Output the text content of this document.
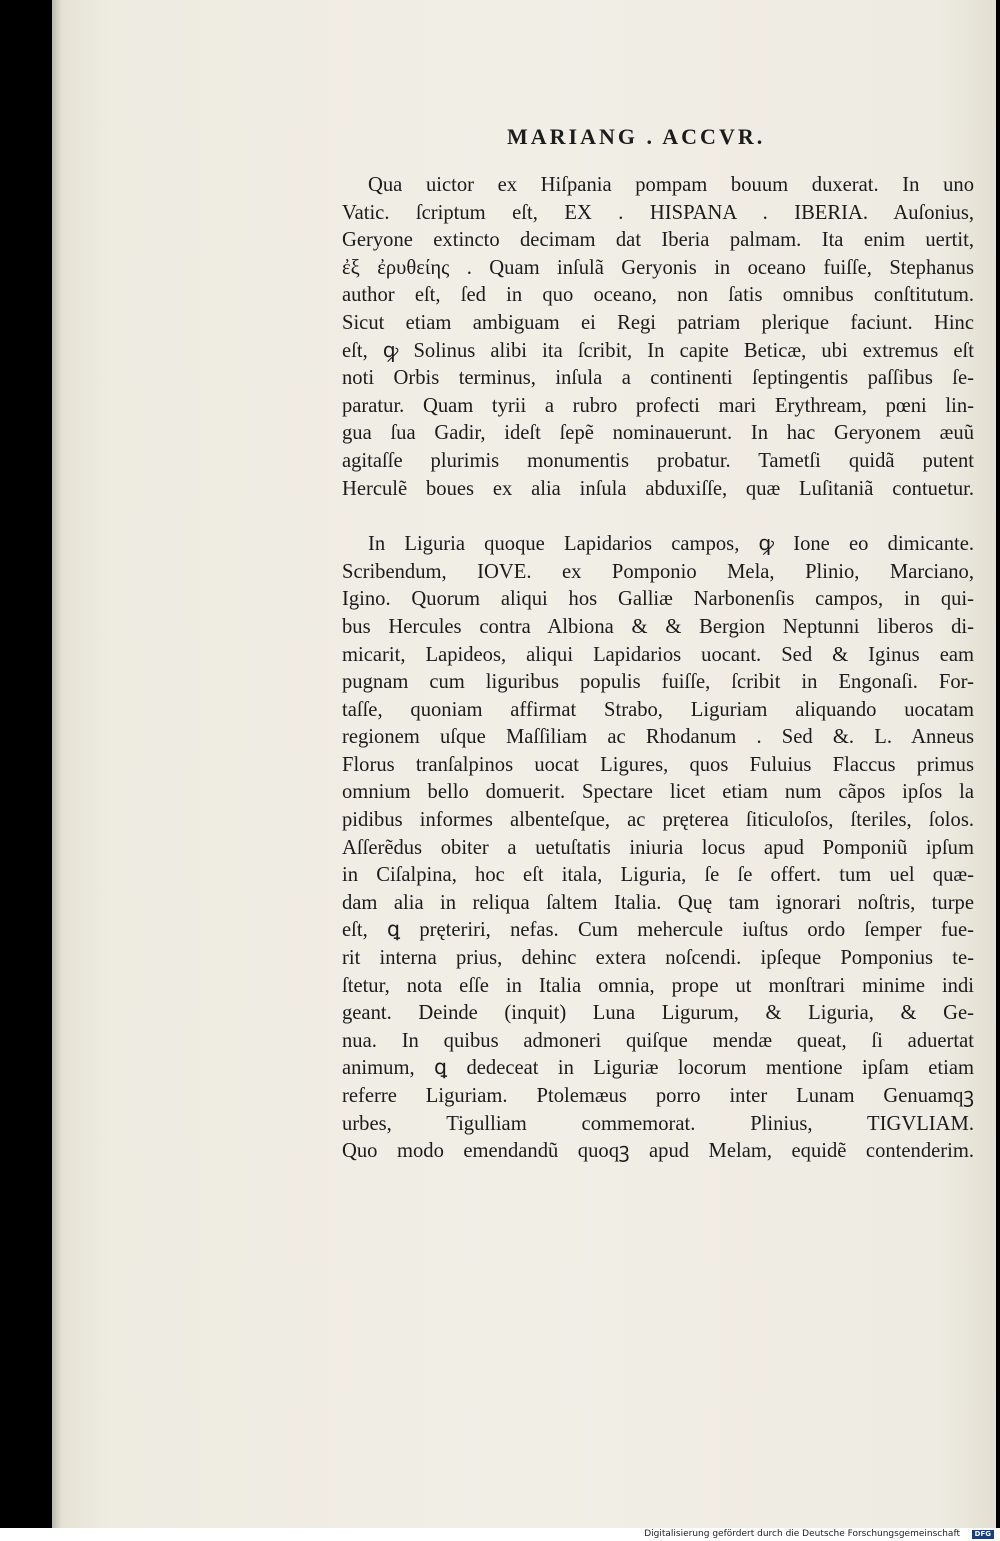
MARIANG . ACCVR.
Qua uictor ex Hiſpania pompam bouum duxerat. In uno
Vatic. ſcriptum eſt, EX . HISPANA . IBERIA. Auſonius,
Geryone extincto decimam dat Iberia palmam. Ita enim uertit,
ἐξ ἐρυθείης . Quam inſulã Geryonis in oceano fuiſſe, Stephanus
author eſt, ſed in quo oceano, non ſatis omnibus conſtitutum.
Sicut etiam ambiguam ei Regi patriam plerique faciunt. Hinc
eſt, ꝙ Solinus alibi ita ſcribit, In capite Beticæ, ubi extremus eſt
noti Orbis terminus, inſula a continenti ſeptingentis paſſibus ſe-
paratur. Quam tyrii a rubro profecti mari Erythream, pœni lin-
gua ſua Gadir, ideſt ſepẽ nominauerunt. In hac Geryonem æuũ
agitaſſe plurimis monumentis probatur. Tametſi quidã putent
Herculẽ boues ex alia inſula abduxiſſe, quæ Luſitaniã contuetur.
In Liguria quoque Lapidarios campos, ꝙ Ione eo dimicante.
Scribendum, IOVE. ex Pomponio Mela, Plinio, Marciano,
Igino. Quorum aliqui hos Galliæ Narbonenſis campos, in qui-
bus Hercules contra Albiona & & Bergion Neptunni liberos di-
micarit, Lapideos, aliqui Lapidarios uocant. Sed & Iginus eam
pugnam cum liguribus populis fuiſſe, ſcribit in Engonaſi. For-
taſſe, quoniam affirmat Strabo, Liguriam aliquando uocatam
regionem uſque Maſſiliam ac Rhodanum . Sed &. L. Anneus
Florus tranſalpinos uocat Ligures, quos Fuluius Flaccus primus
omnium bello domuerit. Spectare licet etiam num cãpos ipſos la
pidibus informes albenteſque, ac pręterea ſiticuloſos, ſteriles, ſolos.
Aſſerẽdus obiter a uetuſtatis iniuria locus apud Pomponiũ ipſum
in Ciſalpina, hoc eſt itala, Liguria, ſe ſe offert. tum uel quæ-
dam alia in reliqua ſaltem Italia. Quę tam ignorari noſtris, turpe
eſt, ꝗ pręteriri, nefas. Cum mehercule iuſtus ordo ſemper fue-
rit interna prius, dehinc extera noſcendi. ipſeque Pomponius te-
ſtetur, nota eſſe in Italia omnia, prope ut monſtrari minime indi
geant. Deinde (inquit) Luna Ligurum, & Liguria, & Ge-
nua. In quibus admoneri quiſque mendæ queat, ſi aduertat
animum, ꝗ dedeceat in Liguriæ locorum mentione ipſam etiam
referre Liguriam. Ptolemæus porro inter Lunam Genuamqꝫ
urbes, Tigulliam commemorat. Plinius, TIGVLIAM.
Quo modo emendandũ quoqꝫ apud Melam, equidẽ contenderim.
Digitalisierung gefördert durch die Deutsche Forschungsgemeinschaft	DFG
